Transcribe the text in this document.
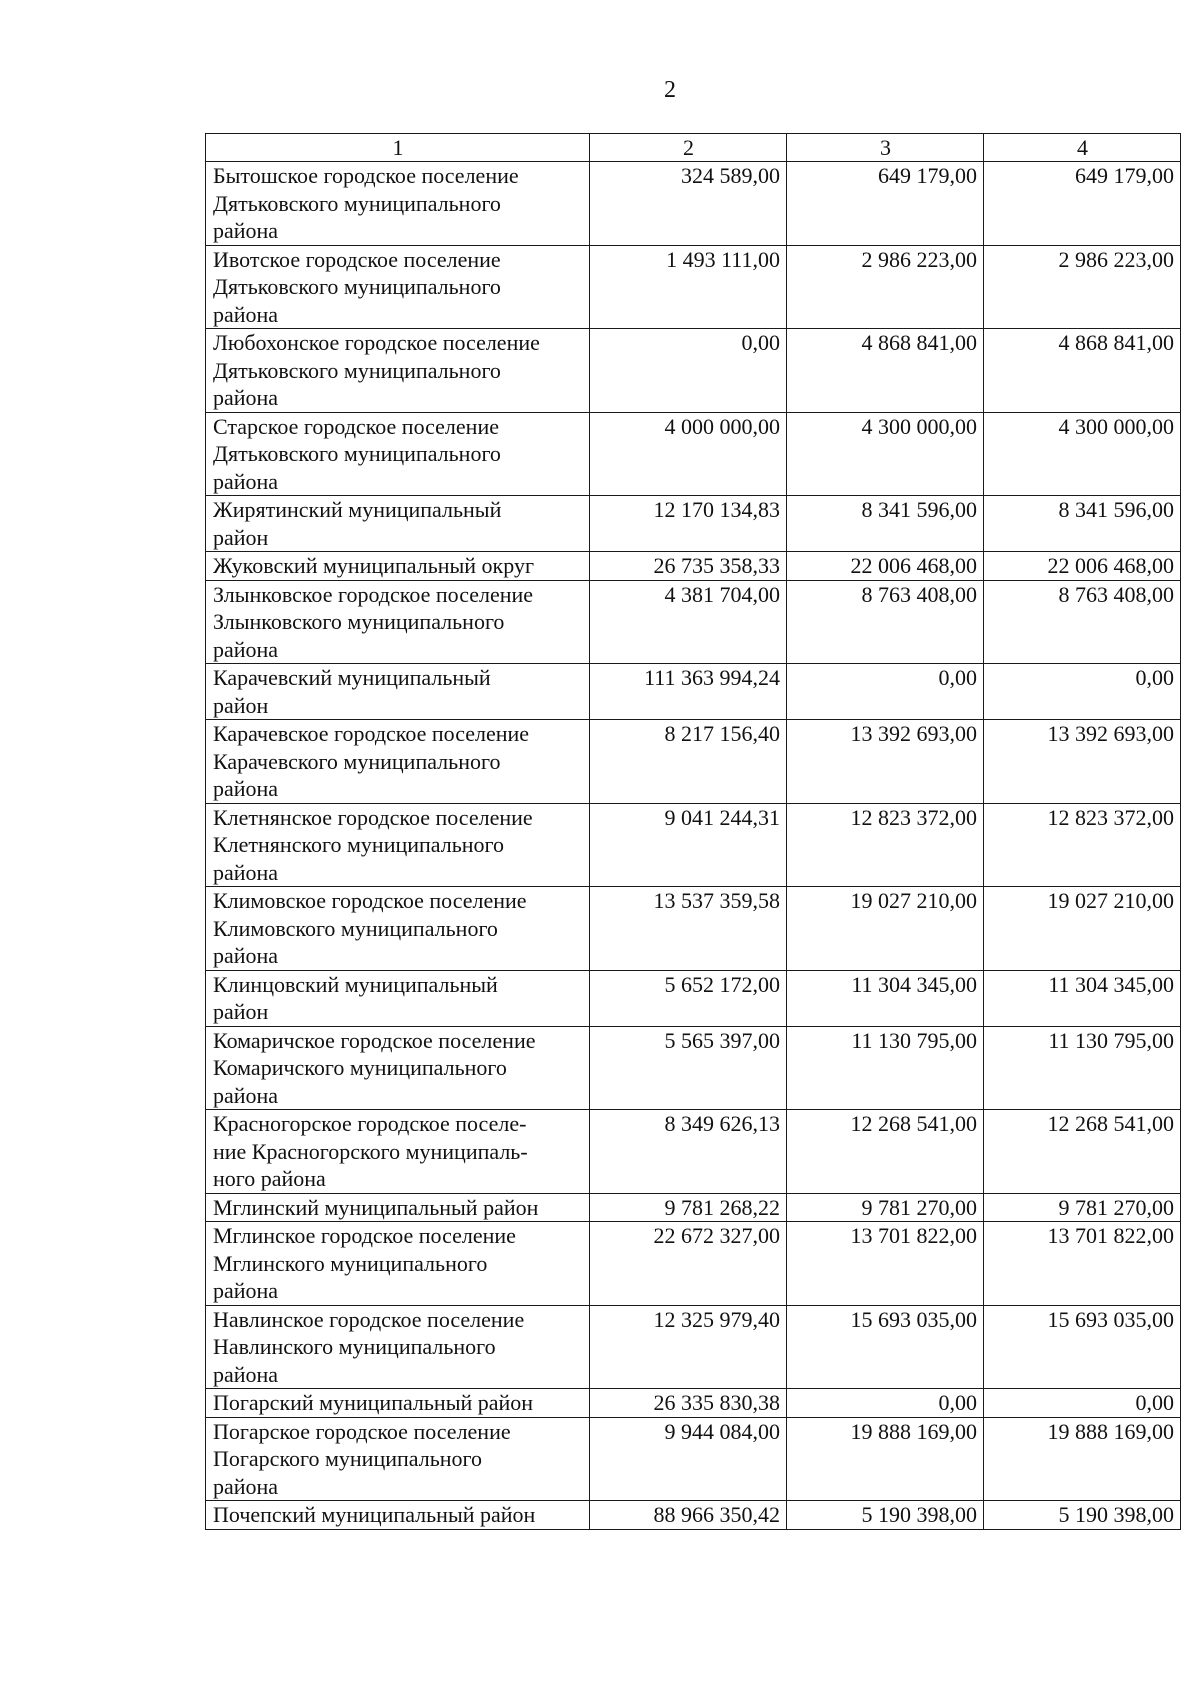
2
1	2	3	4
Бытошское городское поселение
Дятьковского муниципального
района	324 589,00	649 179,00	649 179,00
Ивотское городское поселение
Дятьковского муниципального
района	1 493 111,00	2 986 223,00	2 986 223,00
Любохонское городское поселение
Дятьковского муниципального
района	0,00	4 868 841,00	4 868 841,00
Старское городское поселение
Дятьковского муниципального
района	4 000 000,00	4 300 000,00	4 300 000,00
Жирятинский муниципальный
район	12 170 134,83	8 341 596,00	8 341 596,00
Жуковский муниципальный округ	26 735 358,33	22 006 468,00	22 006 468,00
Злынковское городское поселение
Злынковского муниципального
района	4 381 704,00	8 763 408,00	8 763 408,00
Карачевский муниципальный
район	111 363 994,24	0,00	0,00
Карачевское городское поселение
Карачевского муниципального
района	8 217 156,40	13 392 693,00	13 392 693,00
Клетнянское городское поселение
Клетнянского муниципального
района	9 041 244,31	12 823 372,00	12 823 372,00
Климовское городское поселение
Климовского муниципального
района	13 537 359,58	19 027 210,00	19 027 210,00
Клинцовский муниципальный
район	5 652 172,00	11 304 345,00	11 304 345,00
Комаричское городское поселение
Комаричского муниципального
района	5 565 397,00	11 130 795,00	11 130 795,00
Красногорское городское поселе-
ние Красногорского муниципаль-
ного района	8 349 626,13	12 268 541,00	12 268 541,00
Мглинский муниципальный район	9 781 268,22	9 781 270,00	9 781 270,00
Мглинское городское поселение
Мглинского муниципального
района	22 672 327,00	13 701 822,00	13 701 822,00
Навлинское городское поселение
Навлинского муниципального
района	12 325 979,40	15 693 035,00	15 693 035,00
Погарский муниципальный район	26 335 830,38	0,00	0,00
Погарское городское поселение
Погарского муниципального
района	9 944 084,00	19 888 169,00	19 888 169,00
Почепский муниципальный район	88 966 350,42	5 190 398,00	5 190 398,00
